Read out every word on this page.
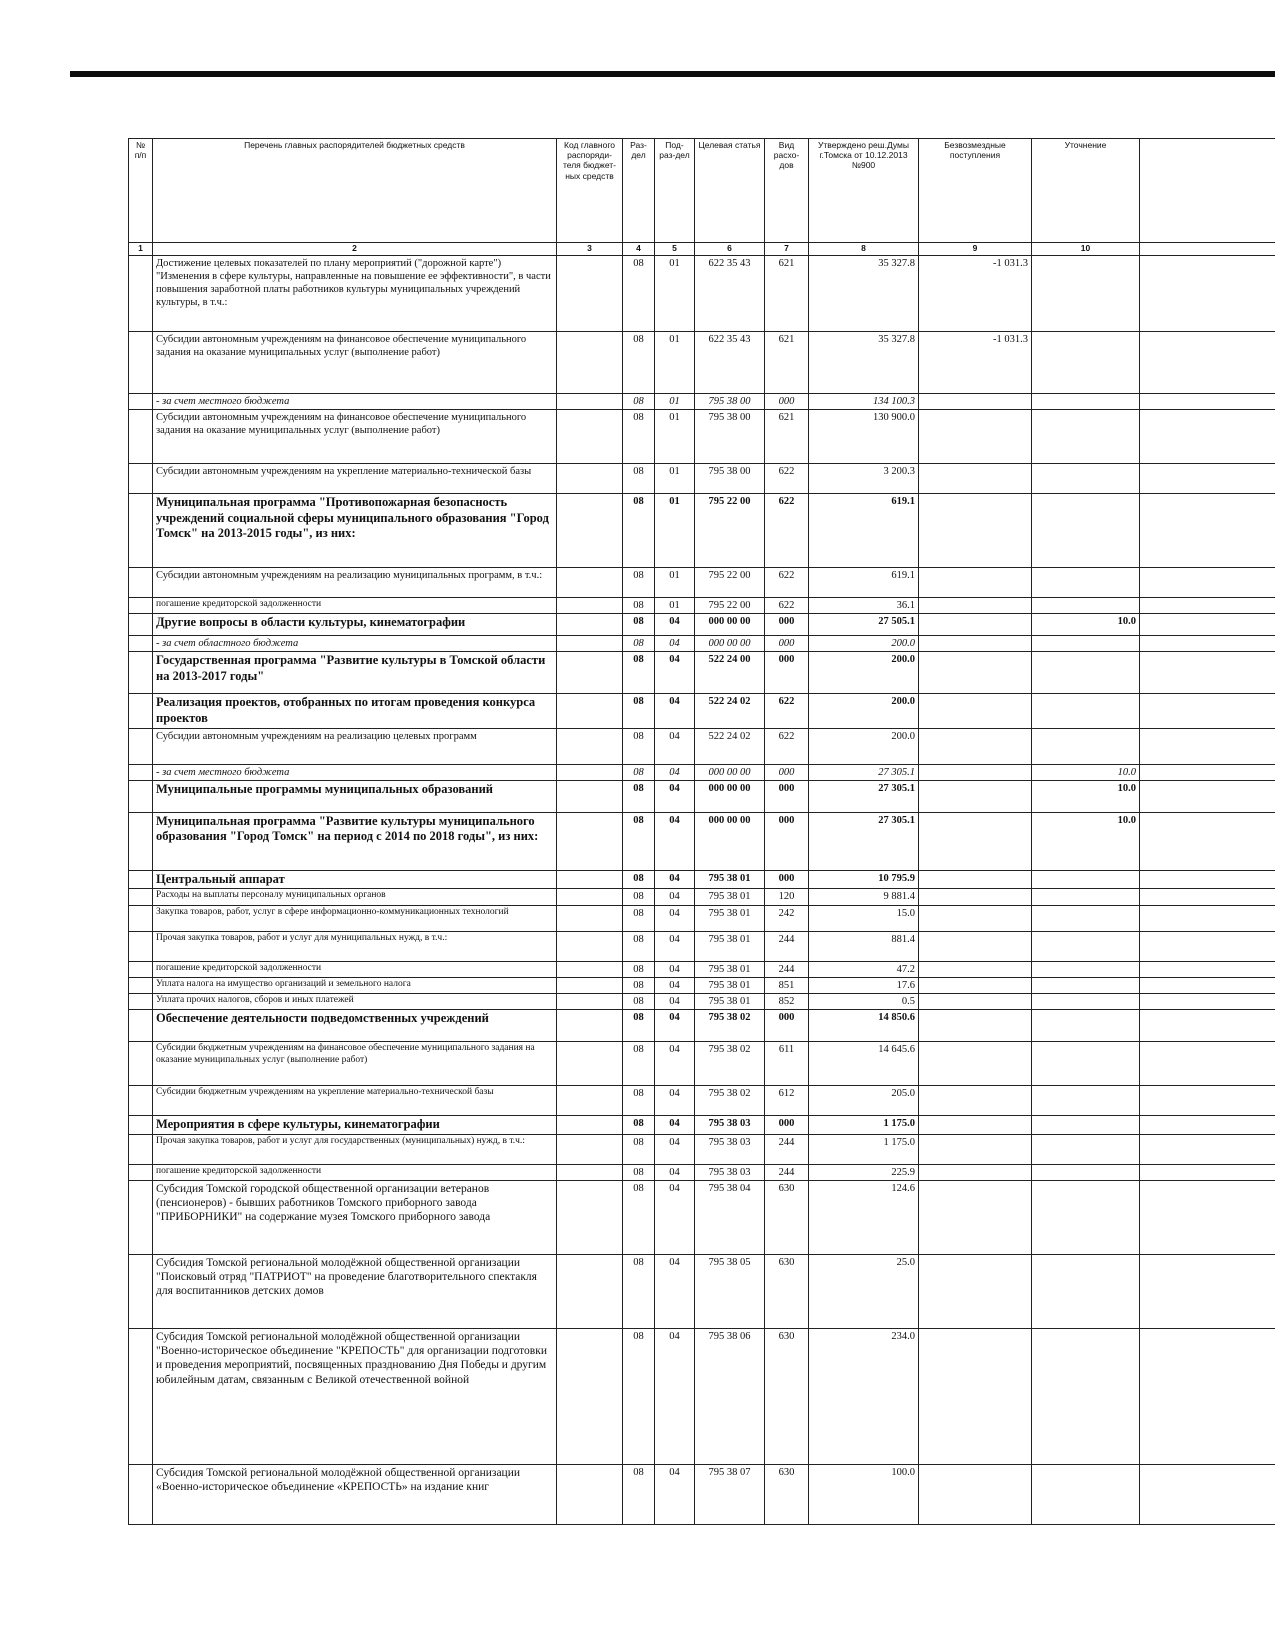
№ п/п	Перечень главных распорядителей бюджетных средств	Код главного распоряди-теля бюджет-ных средств	Раз-дел	Под-раз-дел	Целевая статья	Вид расхо-дов	Утверждено реш.Думы г.Томска от 10.12.2013 №900	Безвозмездные поступления	Уточнение	
1	2	3	4	5	6	7	8	9	10	
	Достижение целевых показателей по плану мероприятий ("дорожной карте") "Изменения в сфере культуры, направленные на повышение ее эффективности", в части повышения заработной платы работников культуры муниципальных учреждений культуры, в т.ч.:		08	01	622 35 43	621	35 327.8	-1 031.3		
	Субсидии автономным учреждениям на финансовое обеспечение муниципального задания на оказание муниципальных услуг (выполнение работ)		08	01	622 35 43	621	35 327.8	-1 031.3		
	- за счет местного бюджета		08	01	795 38 00	000	134 100.3			
	Субсидии автономным учреждениям на финансовое обеспечение муниципального задания на оказание муниципальных услуг (выполнение работ)		08	01	795 38 00	621	130 900.0			
	Субсидии автономным учреждениям на укрепление материально-технической базы		08	01	795 38 00	622	3 200.3			
	Муниципальная программа "Противопожарная безопасность учреждений социальной сферы муниципального образования "Город Томск" на 2013-2015 годы", из них:		08	01	795 22 00	622	619.1			
	Субсидии автономным учреждениям на реализацию муниципальных программ, в т.ч.:		08	01	795 22 00	622	619.1			
	погашение кредиторской задолженности		08	01	795 22 00	622	36.1			
	Другие вопросы в области культуры, кинематографии		08	04	000 00 00	000	27 505.1		10.0	
	- за счет областного бюджета		08	04	000 00 00	000	200.0			
	Государственная программа "Развитие культуры в Томской области на 2013-2017 годы"		08	04	522 24 00	000	200.0			
	Реализация проектов, отобранных по итогам проведения конкурса проектов		08	04	522 24 02	622	200.0			
	Субсидии автономным учреждениям на реализацию целевых программ		08	04	522 24 02	622	200.0			
	- за счет местного бюджета		08	04	000 00 00	000	27 305.1		10.0	
	Муниципальные программы муниципальных образований		08	04	000 00 00	000	27 305.1		10.0	
	Муниципальная программа "Развитие культуры муниципального образования "Город Томск" на период с 2014 по 2018 годы", из них:		08	04	000 00 00	000	27 305.1		10.0	
	Центральный аппарат		08	04	795 38 01	000	10 795.9			
	Расходы на выплаты персоналу муниципальных органов		08	04	795 38 01	120	9 881.4			
	Закупка товаров, работ, услуг в сфере информационно-коммуникационных технологий		08	04	795 38 01	242	15.0			
	Прочая закупка товаров, работ и услуг для муниципальных нужд, в т.ч.:		08	04	795 38 01	244	881.4			
	погашение кредиторской задолженности		08	04	795 38 01	244	47.2			
	Уплата налога на имущество организаций и земельного налога		08	04	795 38 01	851	17.6			
	Уплата прочих налогов, сборов и иных платежей		08	04	795 38 01	852	0.5			
	Обеспечение деятельности подведомственных учреждений		08	04	795 38 02	000	14 850.6			
	Субсидии бюджетным учреждениям на финансовое обеспечение муниципального задания на оказание муниципальных услуг (выполнение работ)		08	04	795 38 02	611	14 645.6			
	Субсидии бюджетным учреждениям на укрепление материально-технической базы		08	04	795 38 02	612	205.0			
	Мероприятия в сфере культуры, кинематографии		08	04	795 38 03	000	1 175.0			
	Прочая закупка товаров, работ и услуг для государственных (муниципальных) нужд, в т.ч.:		08	04	795 38 03	244	1 175.0			
	погашение кредиторской задолженности		08	04	795 38 03	244	225.9			
	Субсидия Томской городской общественной организации ветеранов (пенсионеров) - бывших работников Томского приборного завода "ПРИБОРНИКИ" на содержание музея Томского приборного завода		08	04	795 38 04	630	124.6			
	Субсидия Томской региональной молодёжной общественной организации "Поисковый отряд "ПАТРИОТ" на проведение благотворительного спектакля для воспитанников детских домов		08	04	795 38 05	630	25.0			
	Субсидия Томской региональной молодёжной общественной организации "Военно-историческое объединение "КРЕПОСТЬ" для организации подготовки и проведения мероприятий, посвященных празднованию Дня Победы и другим юбилейным датам, связанным с Великой отечественной войной		08	04	795 38 06	630	234.0			
	Субсидия Томской региональной молодёжной общественной организации «Военно-историческое объединение «КРЕПОСТЬ» на издание книг		08	04	795 38 07	630	100.0			
